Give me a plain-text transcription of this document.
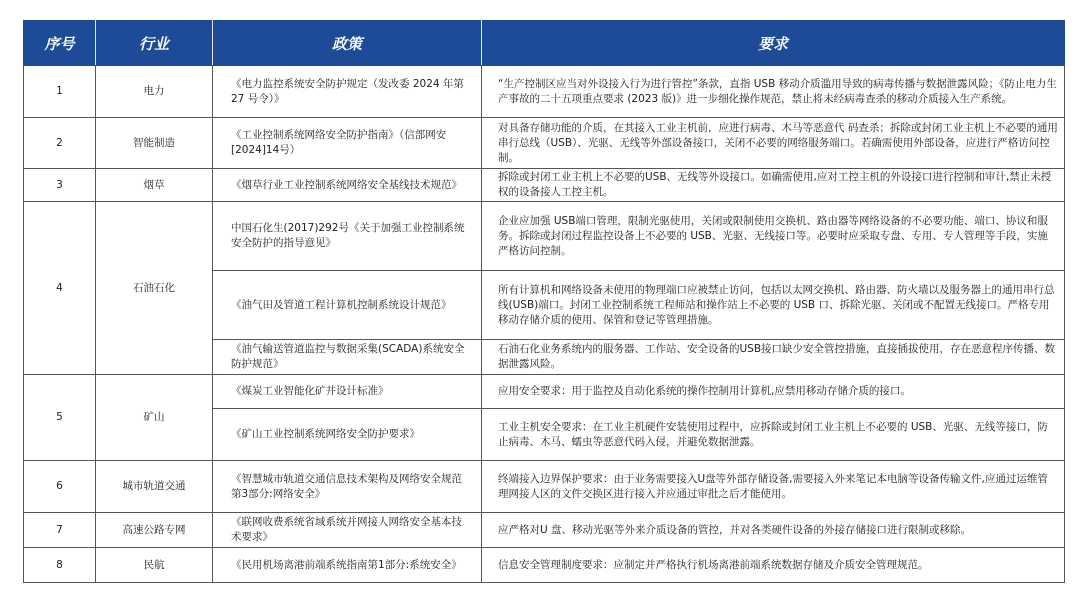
序号	行业	政策	要求
1	电力	《电力监控系统安全防护规定（发改委 2024 年第27 号令）》	“生产控制区应当对外设接入行为进行管控”条款，直指 USB 移动介质滥用导致的病毒传播与数据泄露风险；《防止电力生产事故的二十五项重点要求 (2023 版)》进一步细化操作规范，禁止将未经病毒查杀的移动介质接入生产系统。
2	智能制造	《工业控制系统网络安全防护指南》（信部网安[2024]14号）	对具备存储功能的介质，在其接入工业主机前，应进行病毒、木马等恶意代 码查杀；拆除或封闭工业主机上不必要的通用串行总线（USB）、光驱、无线等外部设备接口，关闭不必要的网络服务端口。若确需使用外部设备，应进行严格访问控制。
3	烟草	《烟草行业工业控制系统网络安全基线技术规范》	拆除或封闭工业主机上不必要的USB、无线等外设接口。如确需使用,应对工控主机的外设接口进行控制和审计,禁止未授权的设备接人工控主机。
4	石油石化	中国石化生(2017)292号《关于加强工业控制系统安全防护的指导意见》	企业应加强 USB端口管理，限制光驱使用，关闭或限制使用交换机、路由器等网络设备的不必要功能、端口、协议和服务。拆除或封闭过程监控设备上不必要的 USB、光驱、无线接口等。必要时应采取专盘、专用、专人管理等手段，实施严格访问控制。
		《油气田及管道工程计算机控制系统设计规范》	所有计算机和网络设备未使用的物理端口应被禁止访问，包括以太网交换机、路由器、防火墙以及服务器上的通用串行总线(USB)端口。封闭工业控制系统工程师站和操作站上不必要的 USB 口、拆除光驱、关闭或不配置无线接口。严格专用移动存储介质的使用、保管和登记等管理措施。
		《油气输送管道监控与数据采集(SCADA)系统安全防护规范》	石油石化业务系统内的服务器、工作站、安全设备的USB接口缺少安全管控措施，直接插拔使用，存在恶意程序传播、数据泄露风险。
5	矿山	《煤炭工业智能化矿井设计标准》	应用安全要求：用于监控及自动化系统的操作控制用计算机,应禁用移动存储介质的接口。
		《矿山工业控制系统网络安全防护要求》	工业主机安全要求：在工业主机硬件安装使用过程中，应拆除或封闭工业主机上不必要的 USB、光驱、无线等接口，防止病毒、木马、蠕虫等恶意代码入侵，并避免数据泄露。
6	城市轨道交通	《智慧城市轨道交通信息技术架构及网络安全规范第3部分:网络安全》	终端接入边界保护要求：由于业务需要接入U盘等外部存储设备,需要接入外来笔记本电脑等设备传输文件,应通过运维管理网接人区的文件交换区进行接入并应通过审批之后才能使用。
7	高速公路专网	《联网收费系统省域系统并网接人网络安全基本技术要求》	应严格对U 盘、移动光驱等外来介质设备的管控，并对各类硬件设备的外接存储接口进行限制或移除。
8	民航	《民用机场离港前端系统指南第1部分:系统安全》	信息安全管理制度要求：应制定并严格执行机场离港前端系统数据存储及介质安全管理规范。
